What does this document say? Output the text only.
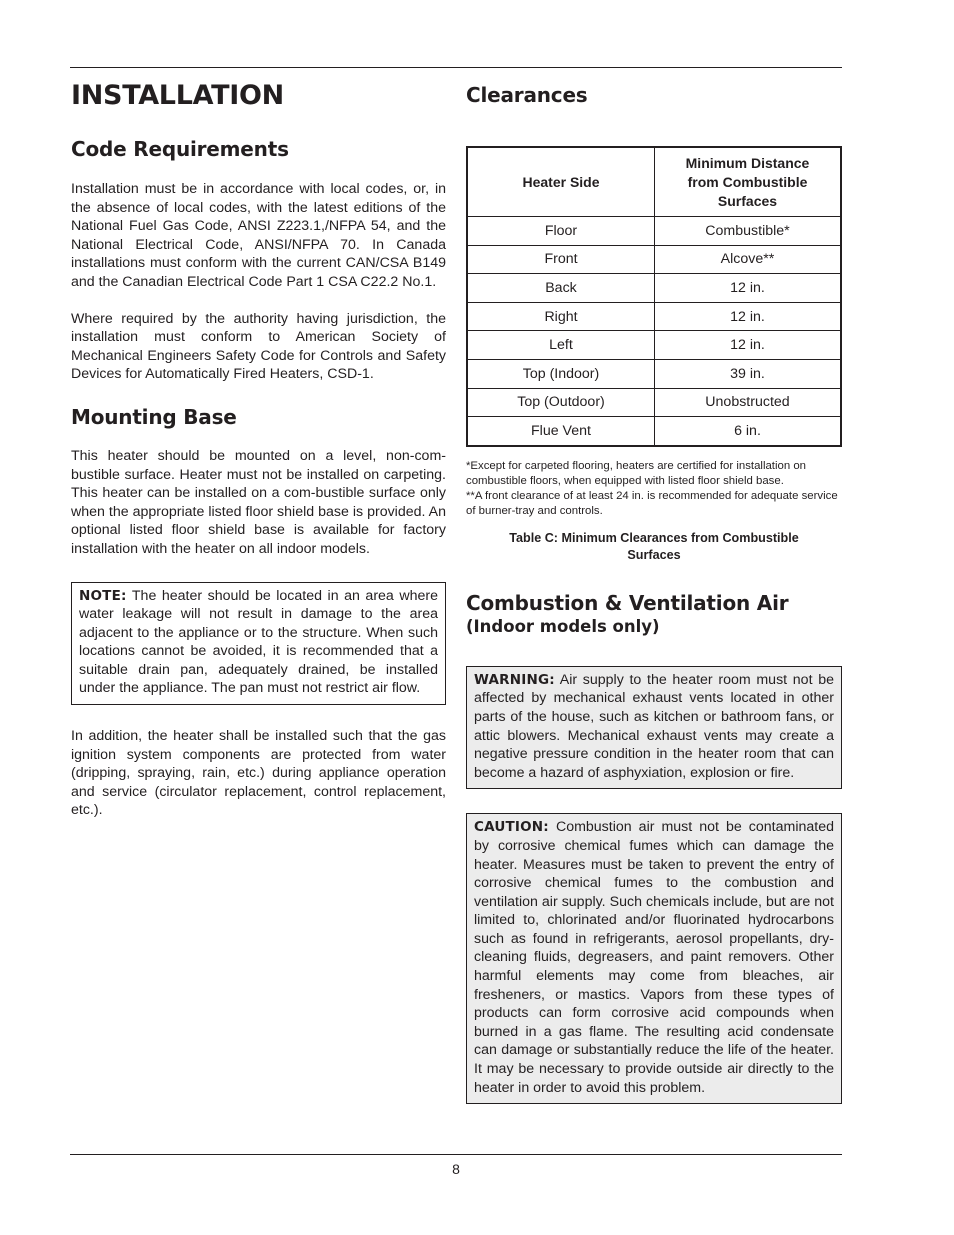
INSTALLATION
Code Requirements

Installation must be in accordance with local codes, or, in the absence of local codes, with the latest editions of the National Fuel Gas Code, ANSI Z223.1,/NFPA 54, and the National Electrical Code, ANSI/NFPA 70. In Canada installations must conform with the current CAN/CSA B149 and the Canadian Electrical Code Part 1 CSA C22.2 No.1.

Where required by the authority having jurisdiction, the installation must conform to American Society of Mechanical Engineers Safety Code for Controls and Safety Devices for Automatically Fired Heaters, CSD-1.

Mounting Base

This heater should be mounted on a level, non-com-bustible surface. Heater must not be installed on carpeting. This heater can be installed on a com-bustible surface only when the appropriate listed floor shield base is provided. An optional listed floor shield base is available for factory installation with the heater on all indoor models.

NOTE: The heater should be located in an area where water leakage will not result in damage to the area adjacent to the appliance or to the structure. When such locations cannot be avoided, it is recommended that a suitable drain pan, adequately drained, be installed under the appliance. The pan must not restrict air flow.

In addition, the heater shall be installed such that the gas ignition system components are protected from water (dripping, spraying, rain, etc.) during appliance operation and service (circulator replacement, control replacement, etc.).

Clearances
Heater Side	Minimum Distance
from Combustible
Surfaces

Floor	Combustible*
Front	Alcove**
Back	12 in.
Right	12 in.
Left	12 in.
Top (Indoor)	39 in.
Top (Outdoor)	Unobstructed
Flue Vent	6 in.
*Except for carpeted flooring, heaters are certified for installation on combustible floors, when equipped with listed floor shield base.
**A front clearance of at least 24 in. is recommended for adequate service of burner-tray and controls.
Table C: Minimum Clearances from Combustible
Surfaces
Combustion & Ventilation Air
(Indoor models only)

WARNING: Air supply to the heater room must not be affected by mechanical exhaust vents located in other parts of the house, such as kitchen or bathroom fans, or attic blowers. Mechanical exhaust vents may create a negative pressure condition in the heater room that can become a hazard of asphyxiation, explosion or fire.

CAUTION: Combustion air must not be contaminated by corrosive chemical fumes which can damage the heater. Measures must be taken to prevent the entry of corrosive chemical fumes to the combustion and ventilation air supply. Such chemicals include, but are not limited to, chlorinated and/or fluorinated hydrocarbons such as found in refrigerants, aerosol propellants, dry-cleaning fluids, degreasers, and paint removers. Other harmful elements may come from bleaches, air fresheners, or mastics. Vapors from these types of products can form corrosive acid compounds when burned in a gas flame. The resulting acid condensate can damage or substantially reduce the life of the heater. It may be necessary to provide outside air directly to the heater in order to avoid this problem.

8
